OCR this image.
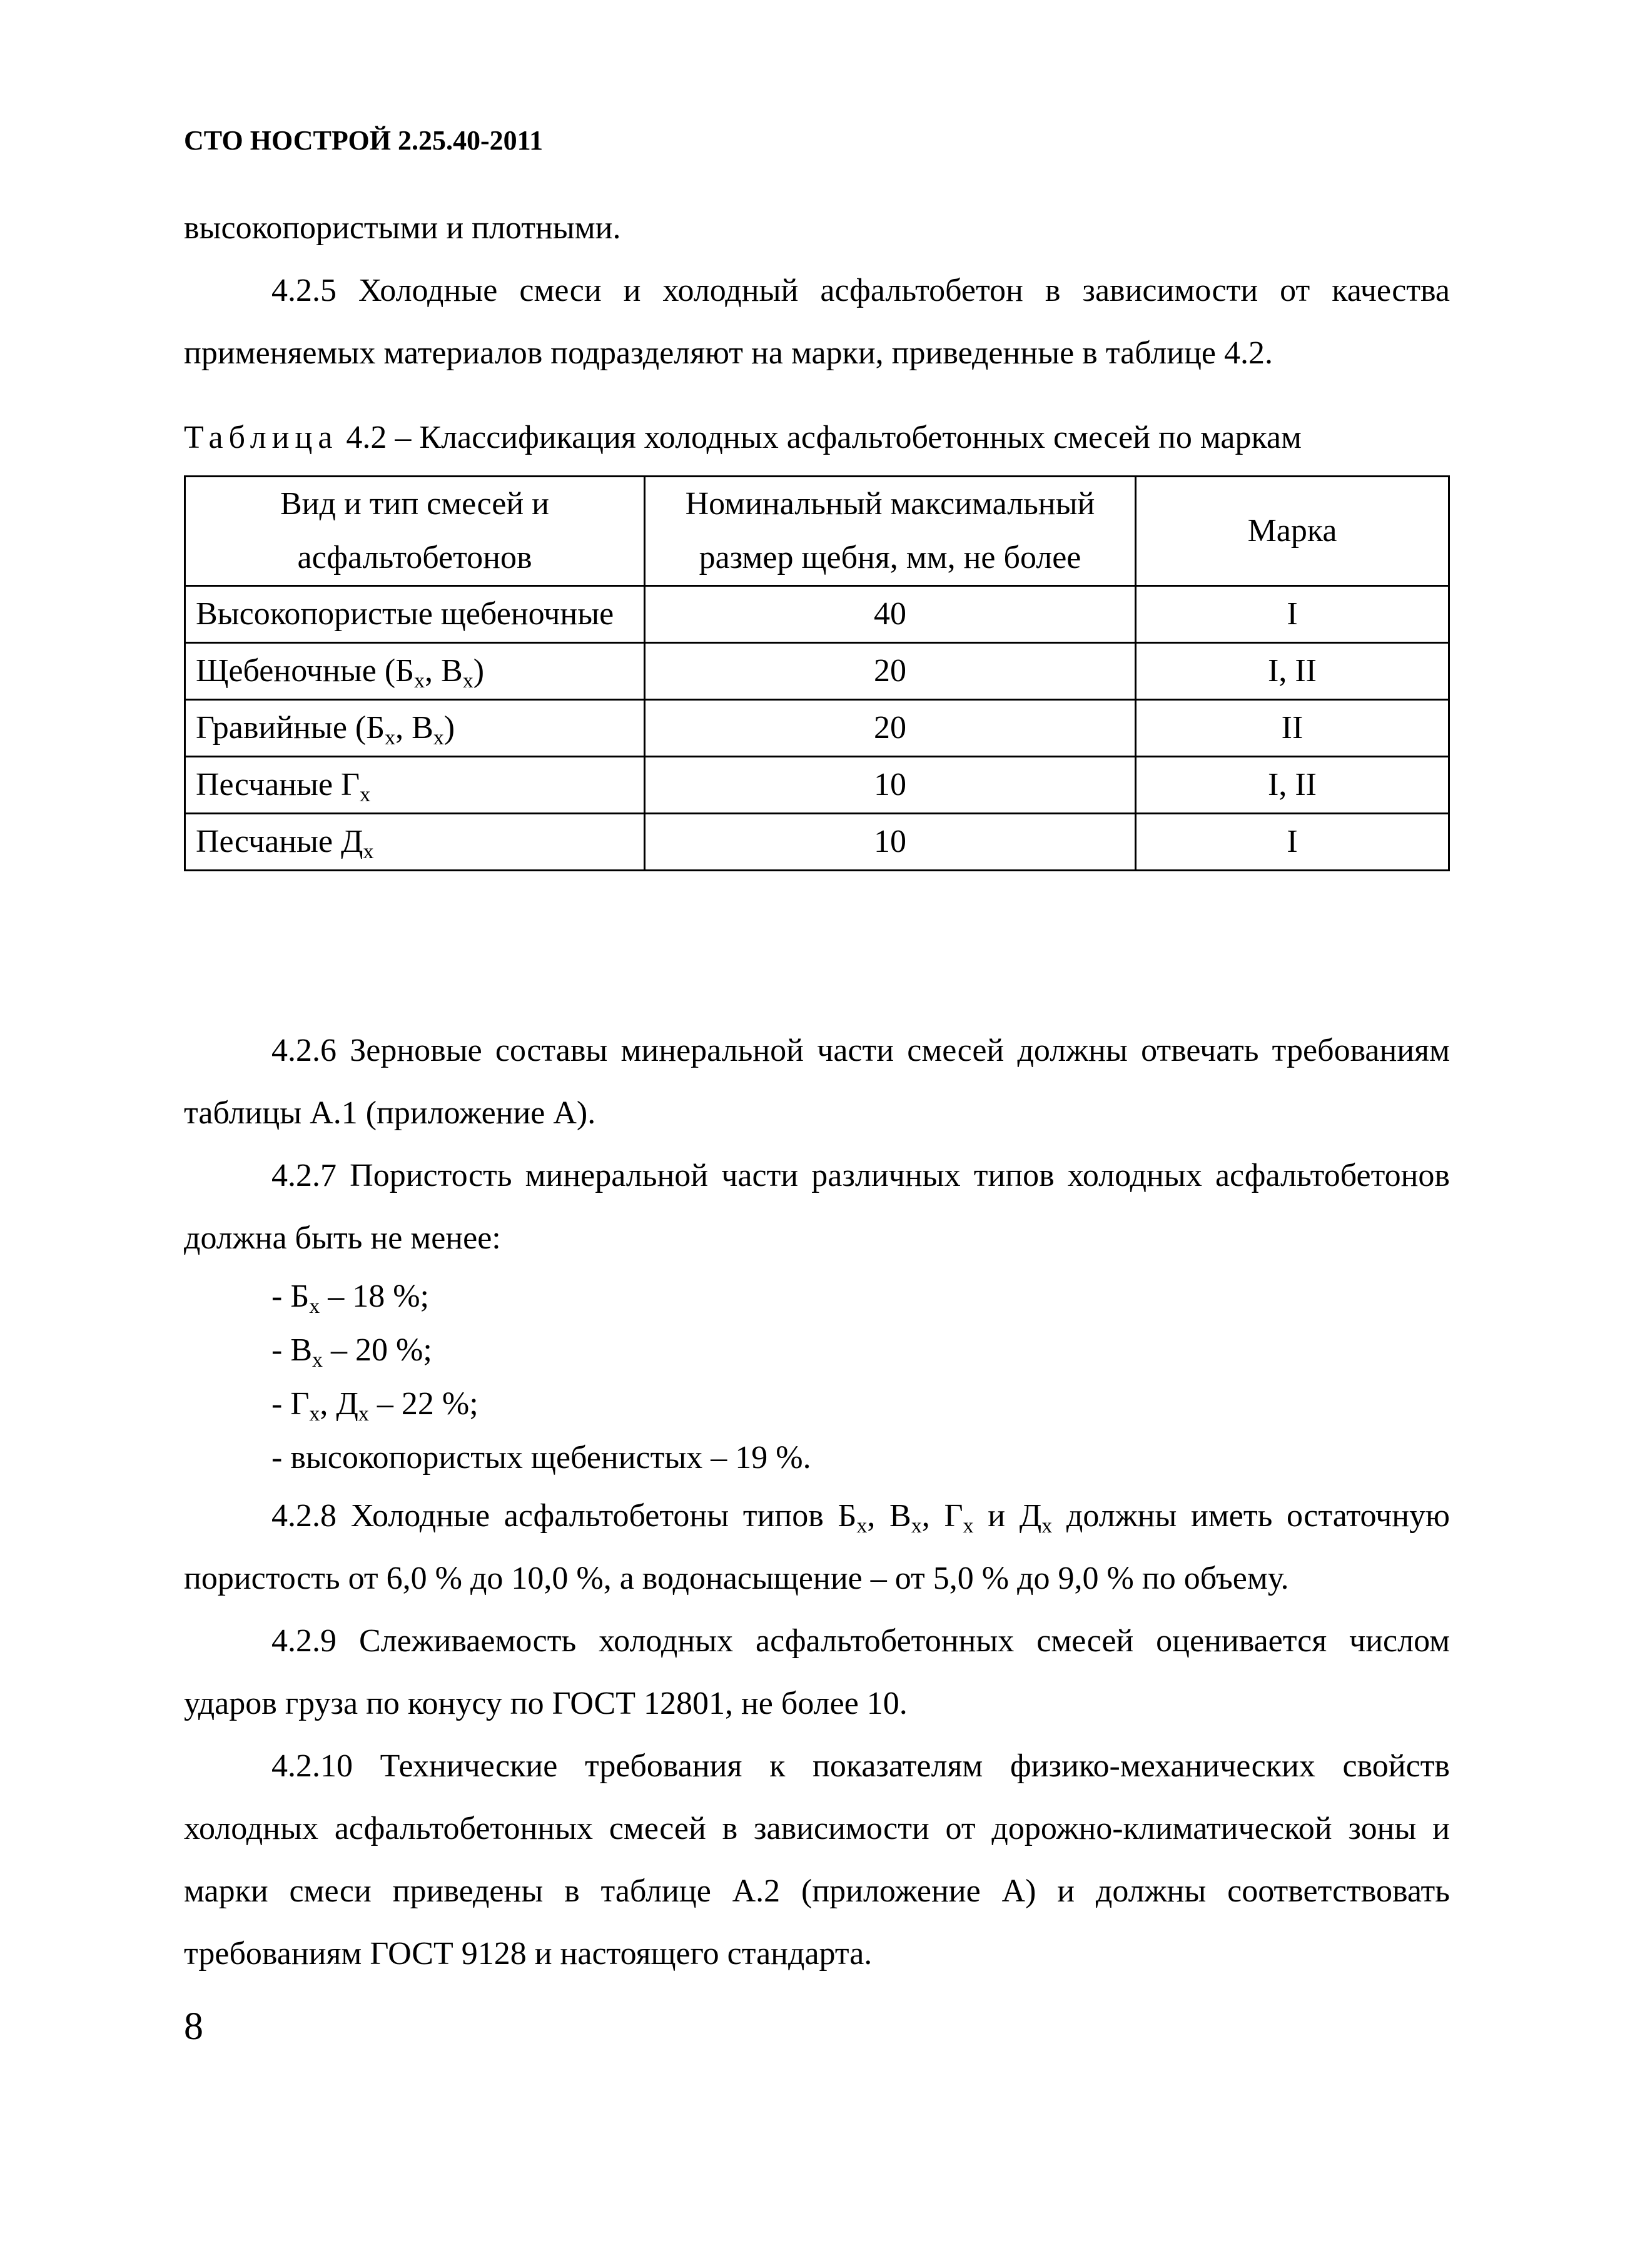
СТО НОСТРОЙ 2.25.40-2011

высокопористыми и плотными.

4.2.5 Холодные смеси и холодный асфальтобетон в зависимости от качества применяемых материалов подразделяют на марки, приведенные в таблице 4.2.

Таблица 4.2 – Классификация холодных асфальтобетонных смесей по маркам
Вид и тип смесей и асфальтобетонов	Номинальный максимальный размер щебня, мм, не более	Марка
Высокопористые щебеночные	40	I
Щебеночные ($Б_х$, $В_х$)	20	I, II
Гравийные ($Б_х$, $В_х$)	20	II
Песчаные $Г_х$	10	I, II
Песчаные $Д_х$	10	I

4.2.6 Зерновые составы минеральной части смесей должны отвечать требованиям таблицы А.1 (приложение А).

4.2.7 Пористость минеральной части различных типов холодных асфальтобетонов должна быть не менее:

- $Б_х - 18$ %;

- $В_х - 20$ %;

- $Г_х$, $Д_х - 22$ %;

- высокопористых щебенистых – 19 %.

4.2.8 Холодные асфальтобетоны типов $Б_х$, $В_х$, $Г_х$ и $Д_х$ должны иметь остаточную пористость от 6,0 % до 10,0 %, а водонасыщение – от 5,0 % до 9,0 % по объему.

4.2.9 Слеживаемость холодных асфальтобетонных смесей оценивается числом ударов груза по конусу по ГОСТ 12801, не более 10.

4.2.10 Технические требования к показателям физико-механических свойств холодных асфальтобетонных смесей в зависимости от дорожно-климатической зоны и марки смеси приведены в таблице А.2 (приложение А) и должны соответствовать требованиям ГОСТ 9128 и настоящего стандарта.

8
